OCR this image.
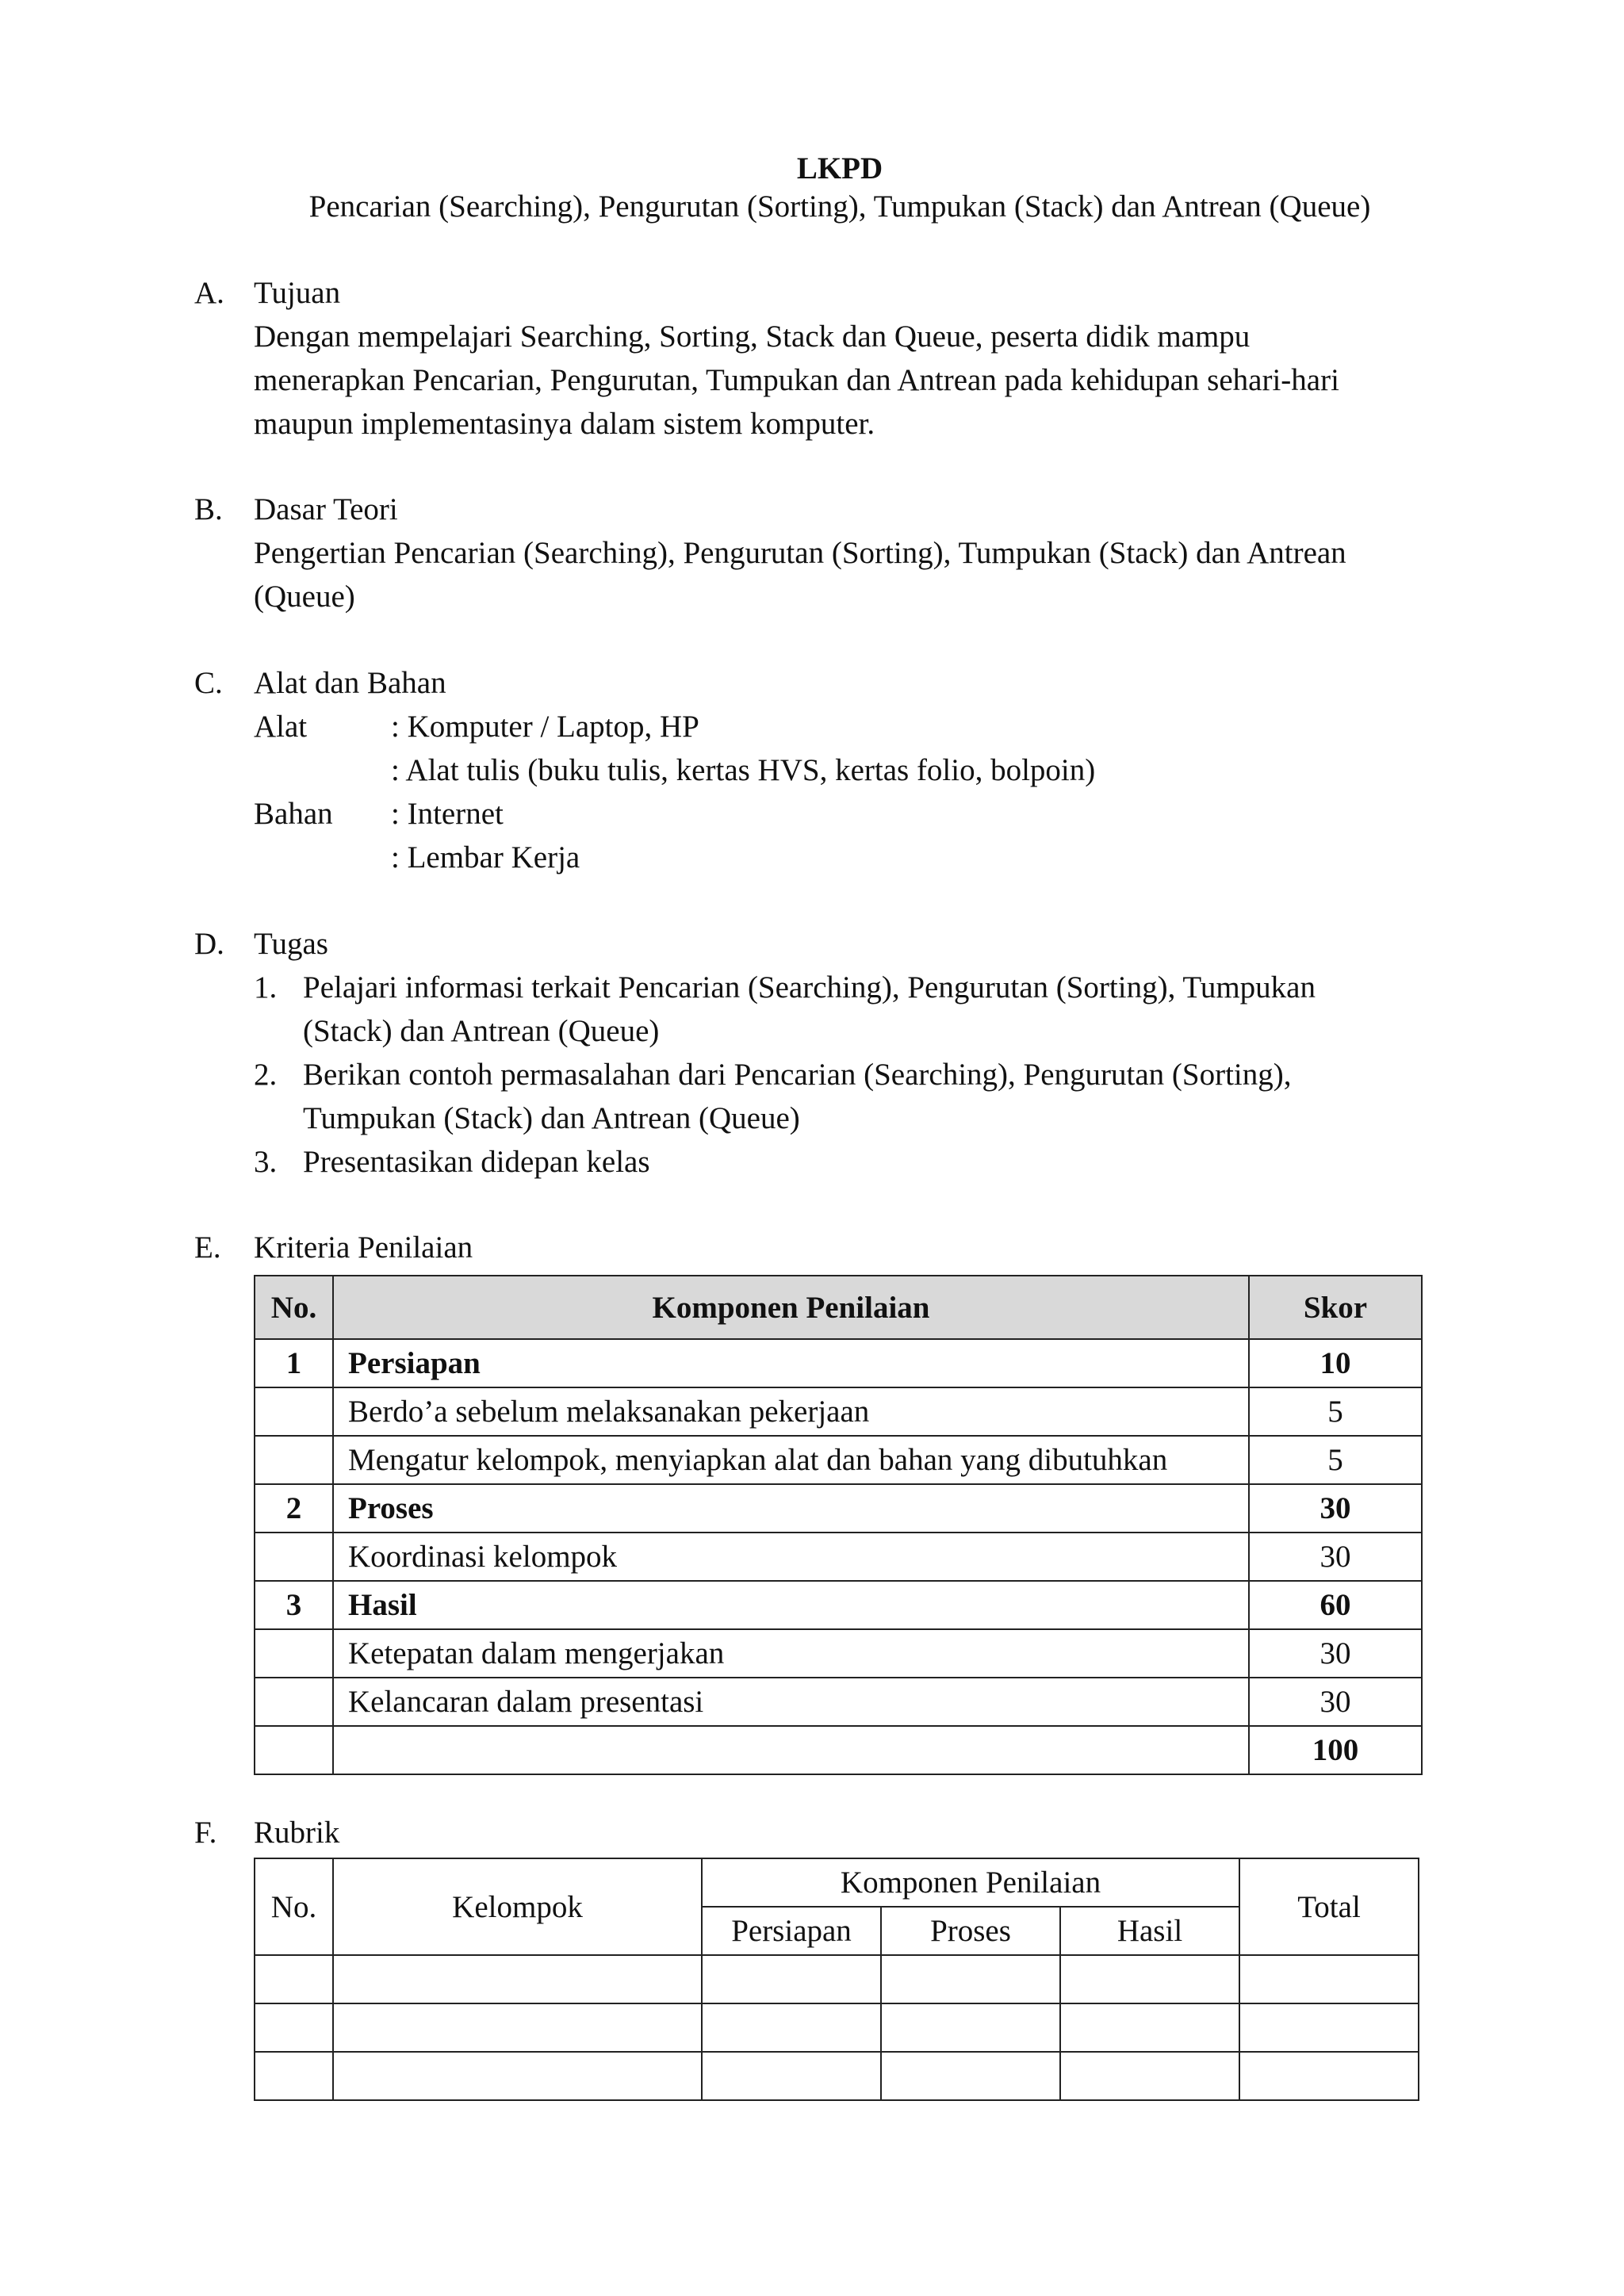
LKPD
Pencarian (Searching), Pengurutan (Sorting), Tumpukan (Stack) dan Antrean (Queue)
A. Tujuan
Dengan mempelajari Searching, Sorting, Stack dan Queue, peserta didik mampu
menerapkan Pencarian, Pengurutan, Tumpukan dan Antrean pada kehidupan sehari-hari
maupun implementasinya dalam sistem komputer.
B. Dasar Teori
Pengertian Pencarian (Searching), Pengurutan (Sorting), Tumpukan (Stack) dan Antrean
(Queue)
C. Alat dan Bahan
Alat	: Komputer / Laptop, HP
: Alat tulis (buku tulis, kertas HVS, kertas folio, bolpoin)
Bahan : Internet
: Lembar Kerja
D. Tugas
1. Pelajari informasi terkait Pencarian (Searching), Pengurutan (Sorting), Tumpukan
(Stack) dan Antrean (Queue)
2. Berikan contoh permasalahan dari Pencarian (Searching), Pengurutan (Sorting),
Tumpukan (Stack) dan Antrean (Queue)
3. Presentasikan didepan kelas
E. Kriteria Penilaian
No.	Komponen Penilaian	Skor
1	Persiapan	10
	Berdo’a sebelum melaksanakan pekerjaan	5
	Mengatur kelompok, menyiapkan alat dan bahan yang dibutuhkan	5
2	Proses	30
	Koordinasi kelompok	30
3	Hasil	60
	Ketepatan dalam mengerjakan	30
	Kelancaran dalam presentasi	30
		100
F. Rubrik
No.	Kelompok	Komponen Penilaian			Total
		Persiapan	Proses	Hasil	
